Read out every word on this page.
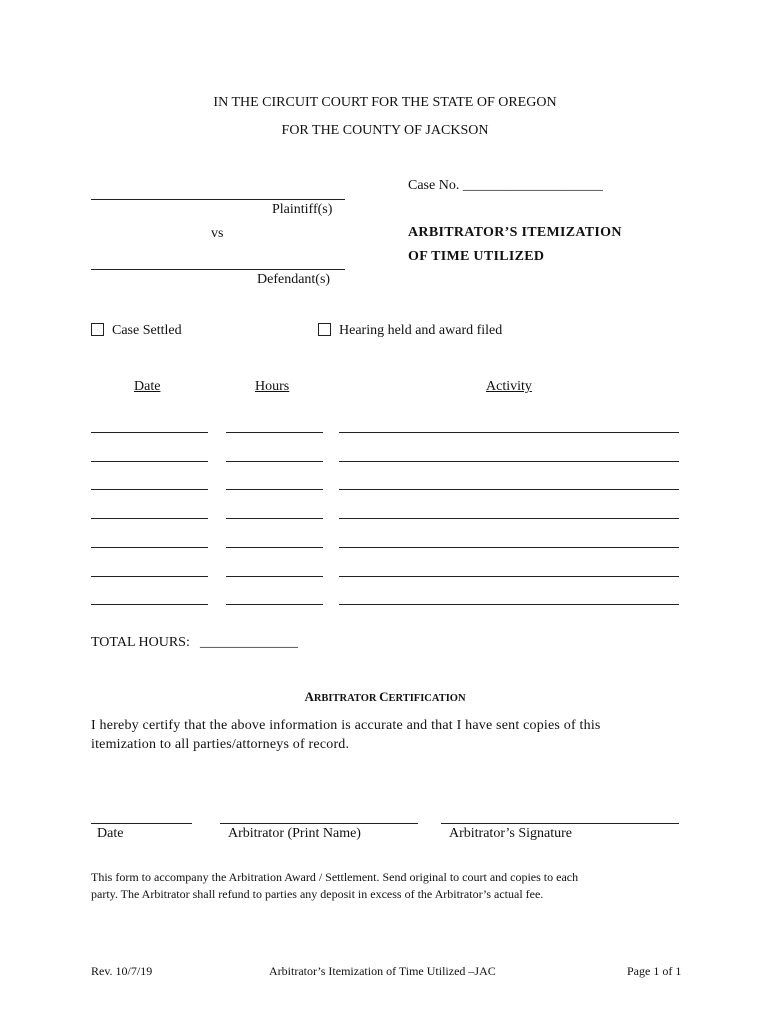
IN THE CIRCUIT COURT FOR THE STATE OF OREGON
FOR THE COUNTY OF JACKSON
Case No. ____________________
Plaintiff(s)
vs	ARBITRATOR’S ITEMIZATION
OF TIME UTILIZED
Defendant(s)
Case Settled	Hearing held and award filed
Date	Hours	Activity
TOTAL HOURS: ______________
ARBITRATOR CERTIFICATION
I hereby certify that the above information is accurate and that I have sent copies of this
itemization to all parties/attorneys of record.
Date	Arbitrator (Print Name)	Arbitrator’s Signature
This form to accompany the Arbitration Award / Settlement. Send original to court and copies to each
party. The Arbitrator shall refund to parties any deposit in excess of the Arbitrator’s actual fee.
Rev. 10/7/19	Arbitrator’s Itemization of Time Utilized –JAC	Page 1 of 1
